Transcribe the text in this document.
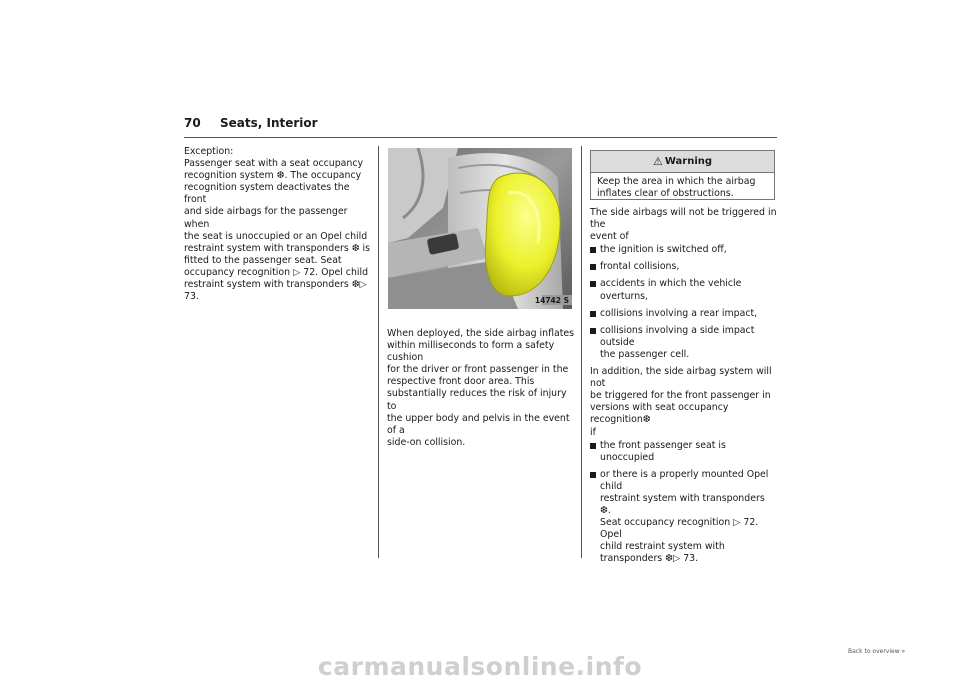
70	Seats, Interior

Exception:

Passenger seat with a seat occupancy

recognition system ❆. The occupancy

recognition system deactivates the front

and side airbags for the passenger when

the seat is unoccupied or an Opel child

restraint system with transponders ❆ is

fitted to the passenger seat. Seat

occupancy recognition ▷ 72. Opel child

restraint system with transponders ❆▷ 73.	14742 S

When deployed, the side airbag inflates

within milliseconds to form a safety cushion

for the driver or front passenger in the

respective front door area. This

substantially reduces the risk of injury to

the upper body and pelvis in the event of a

side-on collision.

⚠ Warning
Keep the area in which the airbag
inflates clear of obstructions.

The side airbags will not be triggered in the

event of

the ignition is switched off,
frontal collisions,
accidents in which the vehicle overturns,
collisions involving a rear impact,
collisions involving a side impact outside
the passenger cell.

In addition, the side airbag system will not

be triggered for the front passenger in

versions with seat occupancy recognition❆

if

the front passenger seat is unoccupied
or there is a properly mounted Opel child
restraint system with transponders ❆.
Seat occupancy recognition ▷ 72. Opel
child restraint system with
transponders ❆▷ 73.
Back to overview »
carmanualsonline.info
